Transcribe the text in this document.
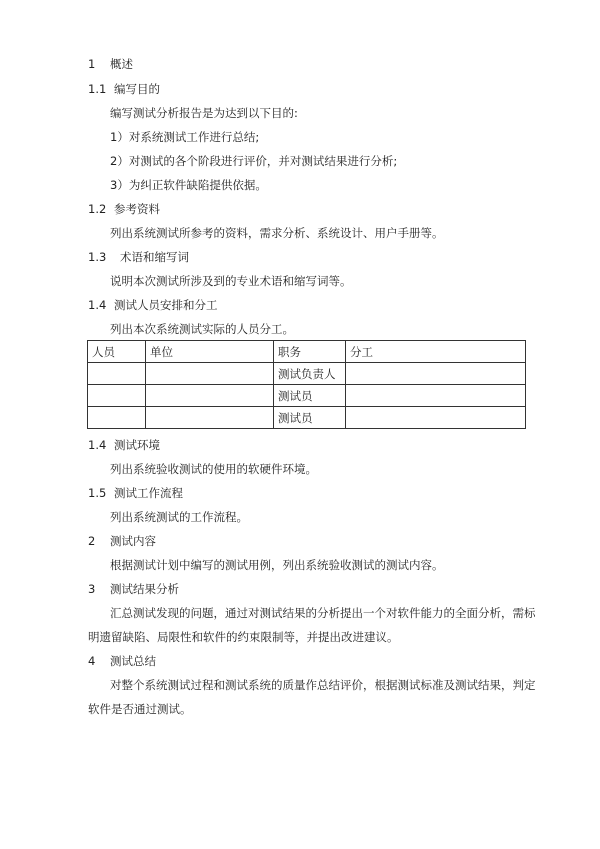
1 概述
1.1 编写目的
编写测试分析报告是为达到以下目的:
1）对系统测试工作进行总结;
2）对测试的各个阶段进行评价，并对测试结果进行分析;
3）为纠正软件缺陷提供依据。
1.2 参考资料
列出系统测试所参考的资料，需求分析、系统设计、用户手册等。
1.3 术语和缩写词
说明本次测试所涉及到的专业术语和缩写词等。
1.4 测试人员安排和分工
列出本次系统测试实际的人员分工。
人员	单位	职务	分工
		测试负责人	
		测试员	
		测试员	
1.4 测试环境
列出系统验收测试的使用的软硬件环境。
1.5 测试工作流程
列出系统测试的工作流程。
2 测试内容
根据测试计划中编写的测试用例，列出系统验收测试的测试内容。
3 测试结果分析
汇总测试发现的问题，通过对测试结果的分析提出一个对软件能力的全面分析，需标
明遗留缺陷、局限性和软件的约束限制等，并提出改进建议。
4 测试总结
对整个系统测试过程和测试系统的质量作总结评价，根据测试标准及测试结果，判定
软件是否通过测试。
